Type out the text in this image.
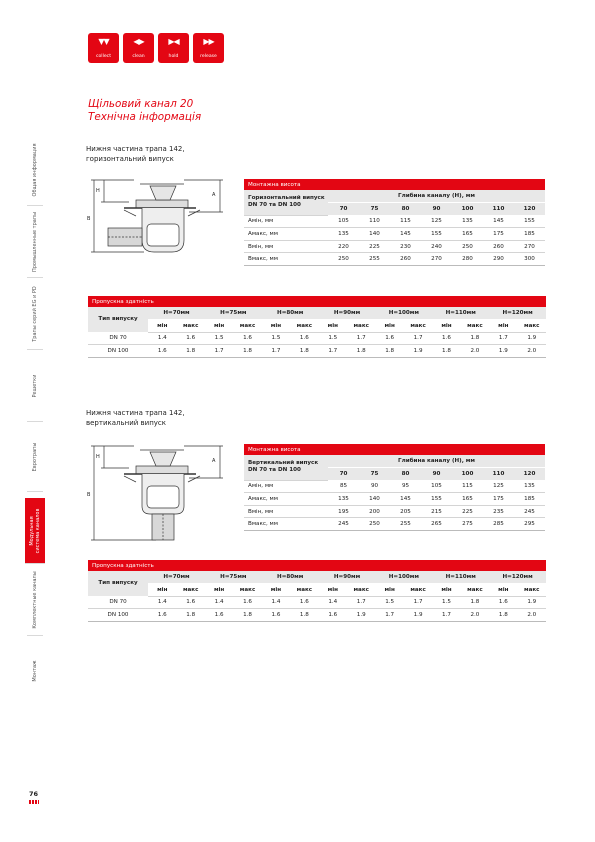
▼▼
collect
◀▶
clean
▶◀
hold
▶▶
release
Общая информация
Промышленные трапы
Трапы серий EG и PD
Решетки
Евротрапы
Модульная система каналов
Комплектные каналы
Монтаж
76
Щільовий канал 20
Технічна інформація
Нижня частина трапа 142,
горизонтальний випуск
H
B
A
Монтажна висота							

Горизонтальний випуск
DN 70 та DN 100	Глибина каналу (H), мм						
	70	75	80	90	100	110	120
Aмін, мм	105	110	115	125	135	145	155
Aмакс, мм	135	140	145	155	165	175	185
Bмін, мм	220	225	230	240	250	260	270
Bмакс, мм	250	255	260	270	280	290	300
Пропускна здатність														
Тип випуску	H=70мм		H=75мм		H=80мм		H=90мм		H=100мм		H=110мм		H=120мм	
	мін	макс	мін	макс	мін	макс	мін	макс	мін	макс	мін	макс	мін	макс
DN 70	1.4	1.6	1.5	1.6	1.5	1.6	1.5	1.7	1.6	1.7	1.6	1.8	1.7	1.9
DN 100	1.6	1.8	1.7	1.8	1.7	1.8	1.7	1.8	1.8	1.9	1.8	2.0	1.9	2.0
Нижня частина трапа 142,
вертикальний випуск
H
B
A
Монтажна висота							

Вертикальний випуск
DN 70 та DN 100	Глибина каналу (H), мм						
	70	75	80	90	100	110	120
Aмін, мм	85	90	95	105	115	125	135
Aмакс, мм	135	140	145	155	165	175	185
Bмін, мм	195	200	205	215	225	235	245
Bмакс, мм	245	250	255	265	275	285	295
Пропускна здатність														
Тип випуску	H=70мм		H=75мм		H=80мм		H=90мм		H=100мм		H=110мм		H=120мм	
	мін	макс	мін	макс	мін	макс	мін	макс	мін	макс	мін	макс	мін	макс
DN 70	1.4	1.6	1.4	1.6	1.4	1.6	1.4	1.7	1.5	1.7	1.5	1.8	1.6	1.9
DN 100	1.6	1.8	1.6	1.8	1.6	1.8	1.6	1.9	1.7	1.9	1.7	2.0	1.8	2.0
